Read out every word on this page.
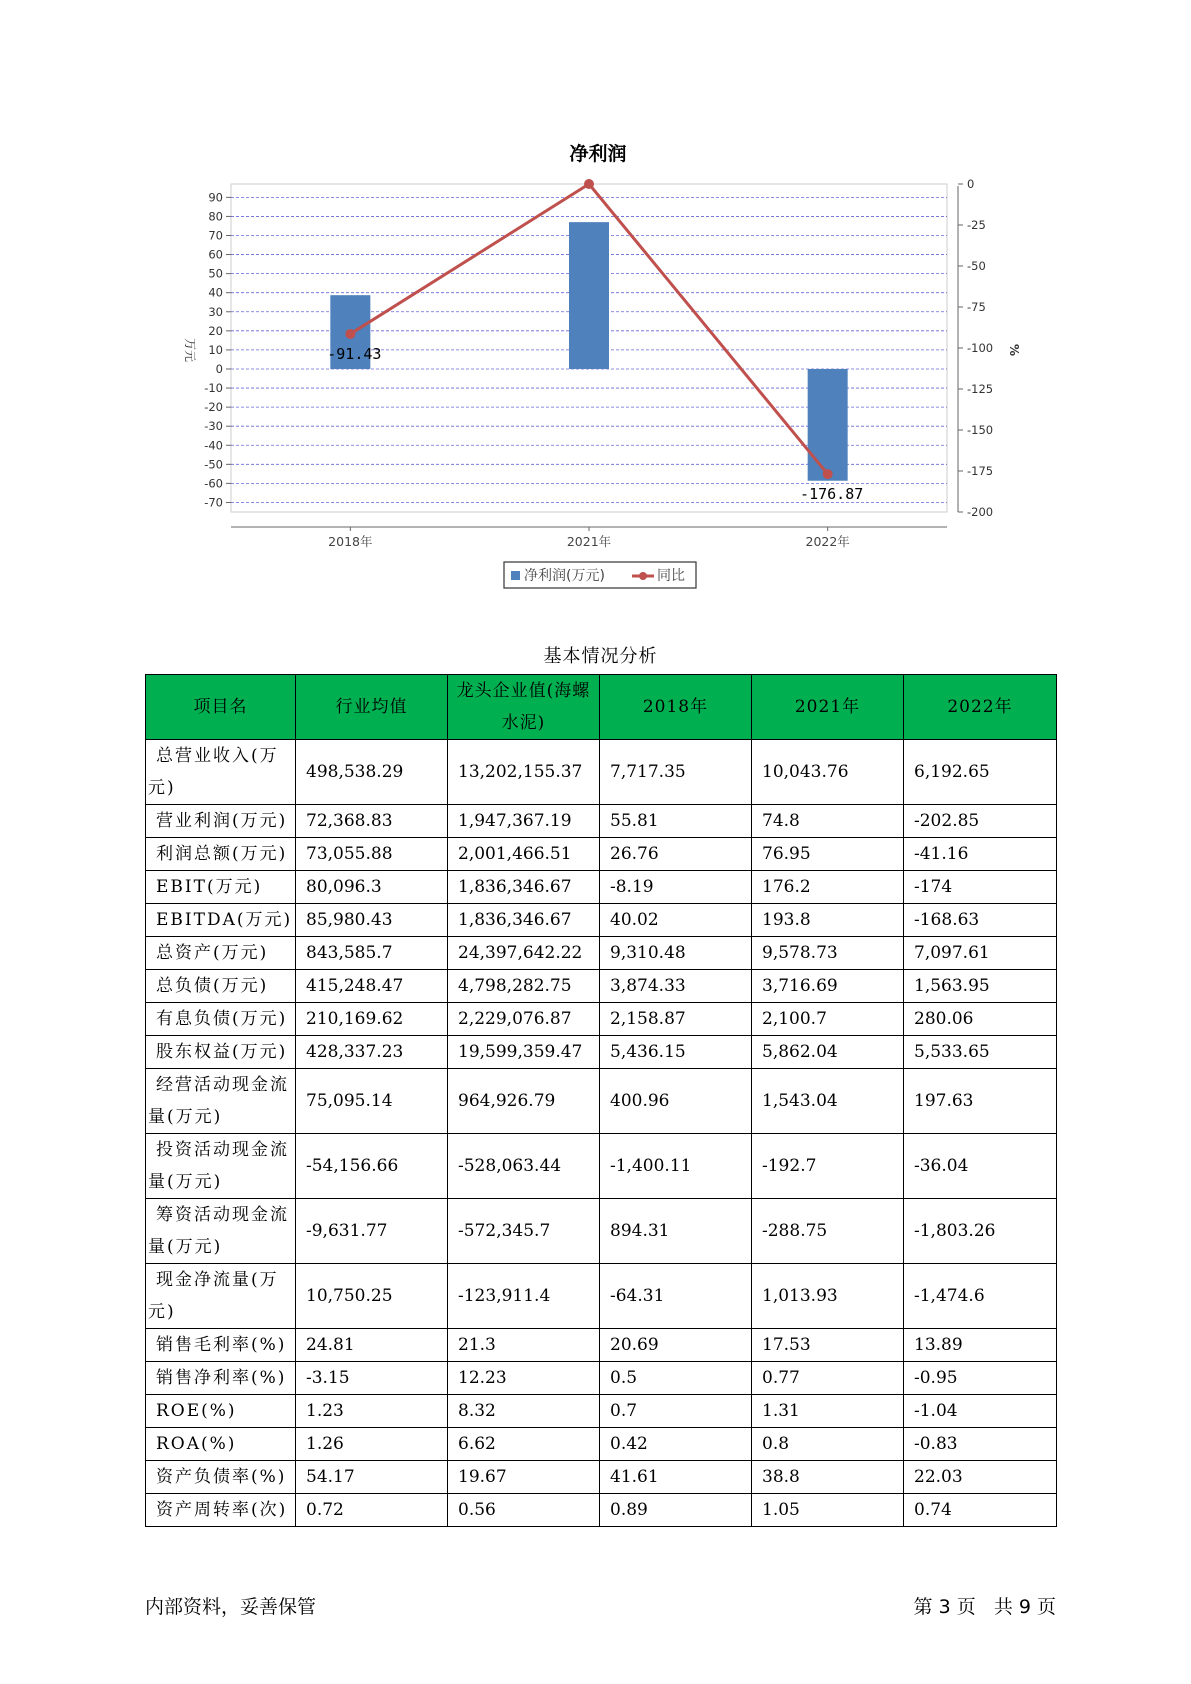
净利润
90
80
70
60
50
40
30
20
10
0
-10
-20
-30
-40
-50
-60
-70
万元
0
-25
-50
-75
-100
-125
-150
-175
-200
%
2018年	2021年	2022年
-91.43
-176.87
净利润(万元)	同比
基本情况分析
项目名	行业均值	龙头企业值(海螺水泥)	2018年	2021年	2022年
总营业收入(万元)	498,538.29	13,202,155.37	7,717.35	10,043.76	6,192.65
营业利润(万元)	72,368.83	1,947,367.19	55.81	74.8	-202.85
利润总额(万元)	73,055.88	2,001,466.51	26.76	76.95	-41.16
EBIT(万元)	80,096.3	1,836,346.67	-8.19	176.2	-174
EBITDA(万元)	85,980.43	1,836,346.67	40.02	193.8	-168.63
总资产(万元)	843,585.7	24,397,642.22	9,310.48	9,578.73	7,097.61
总负债(万元)	415,248.47	4,798,282.75	3,874.33	3,716.69	1,563.95
有息负债(万元)	210,169.62	2,229,076.87	2,158.87	2,100.7	280.06
股东权益(万元)	428,337.23	19,599,359.47	5,436.15	5,862.04	5,533.65
经营活动现金流量(万元)	75,095.14	964,926.79	400.96	1,543.04	197.63
投资活动现金流量(万元)	-54,156.66	-528,063.44	-1,400.11	-192.7	-36.04
筹资活动现金流量(万元)	-9,631.77	-572,345.7	894.31	-288.75	-1,803.26
现金净流量(万元)	10,750.25	-123,911.4	-64.31	1,013.93	-1,474.6
销售毛利率(%)	24.81	21.3	20.69	17.53	13.89
销售净利率(%)	-3.15	12.23	0.5	0.77	-0.95
ROE(%)	1.23	8.32	0.7	1.31	-1.04
ROA(%)	1.26	6.62	0.42	0.8	-0.83
资产负债率(%)	54.17	19.67	41.61	38.8	22.03
资产周转率(次)	0.72	0.56	0.89	1.05	0.74
内部资料，妥善保管	第 3 页   共 9 页
